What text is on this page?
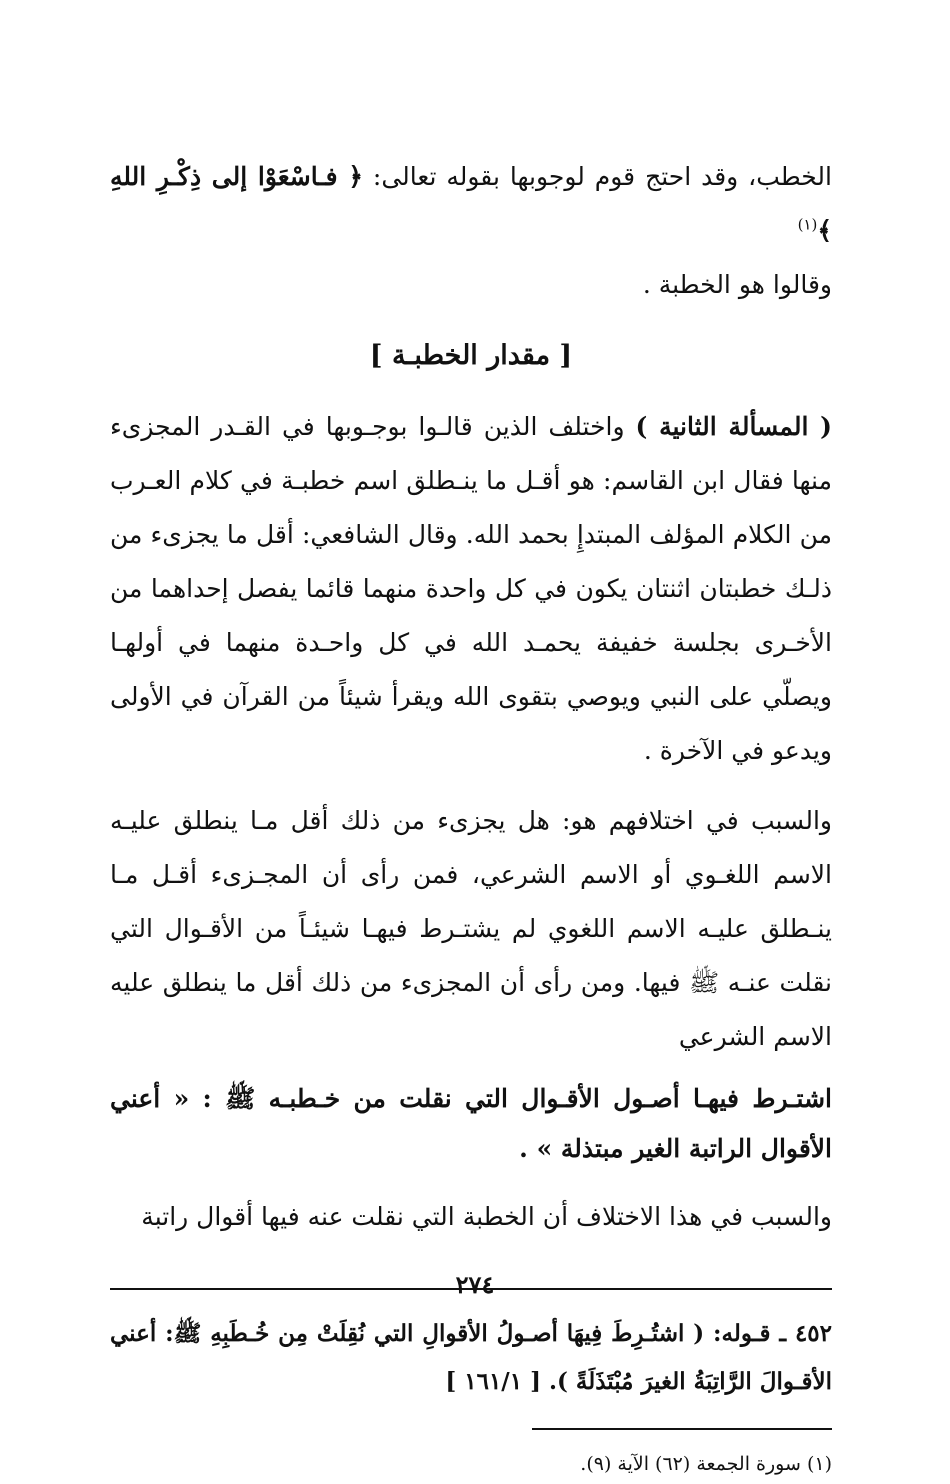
الخطب، وقد احتج قوم لوجوبها بقوله تعالى: ﴿ فـاسْعَوْا إلى ذِكْـرِ اللهِ ﴾$^{(١)}$
وقالوا هو الخطبة .

[ مقدار الخطبـة ]

( المسألة الثانية ) واختلف الذين قالـوا بوجـوبها في القـدر المجزىء منها فقال ابن القاسم: هو أقـل ما ينـطلق اسم خطبـة في كلام العـرب من الكلام المؤلف المبتدإِ بحمد الله. وقال الشافعي: أقل ما يجزىء من ذلـك خطبتان اثنتان يكون في كل واحدة منهما قائما يفصل إحداهما من الأخـرى بجلسة خفيفة يحمـد الله في كل واحـدة منهما في أولهـا ويصلّي على النبي ويوصي بتقوى الله ويقرأ شيئاً من القرآن في الأولى ويدعو في الآخرة .

والسبب في اختلافهم هو: هل يجزىء من ذلك أقل مـا ينطلق عليـه الاسم اللغـوي أو الاسم الشرعي، فمن رأى أن المجـزىء أقـل مـا ينـطلق عليـه الاسم اللغوي لم يشتـرط فيهـا شيئـاً من الأقـوال التي نقلت عنـه ﷺ فيها. ومن رأى أن المجزىء من ذلك أقل ما ينطلق عليه الاسم الشرعي

اشتـرط فيهـا أصـول الأقـوال التي نقلت من خـطبـه ﷺ : « أعني الأقوال الراتبة الغير مبتذلة » .

والسبب في هذا الاختلاف أن الخطبة التي نقلت عنه فيها أقوال راتبة

٤٥٢ ـ قـوله: ( اشتُـرِطَ فِيهَا أصـولُ الأقوالِ التي نُقِلَتْ مِن خُـطَبِهِ ﷺ: أعني الأقـوالَ الرَّاتِبَةُ الغيرَ مُبْتَذَلَةً ). [ ١٦١/١ ]

(١) سورة الجمعة (٦٢) الآية (٩).

٢٧٤
